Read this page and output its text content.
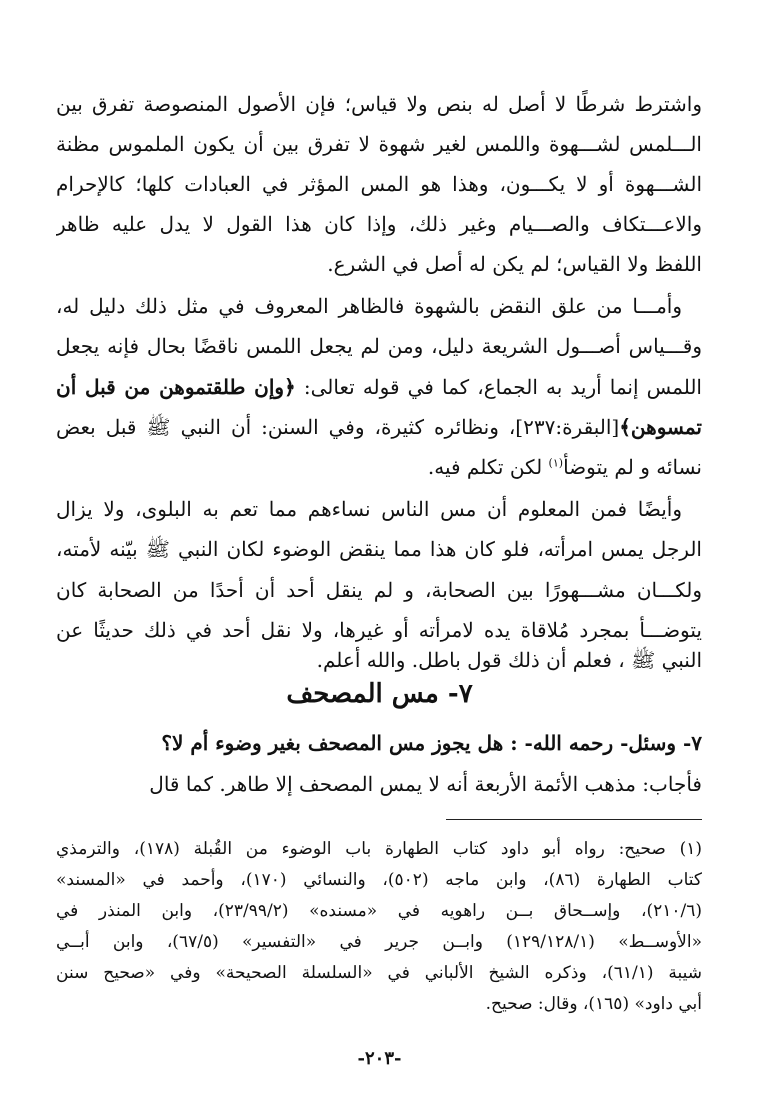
واشترط شرطًا لا أصل له بنص ولا قياس؛ فإن الأصول المنصوصة تفرق بين
الـــلمس لشـــهوة واللمس لغير شهوة لا تفرق بين أن يكون الملموس مظنة
الشـــهوة أو لا يكـــون، وهذا هو المس المؤثر في العبادات كلها؛ كالإحرام
والاعـــتكاف والصـــيام وغير ذلك، وإذا كان هذا القول لا يدل عليه ظاهر
اللفظ ولا القياس؛ لم يكن له أصل في الشرع.
وأمـــا من علق النقض بالشهوة فالظاهر المعروف في مثل ذلك دليل له،
وقـــياس أصـــول الشريعة دليل، ومن لم يجعل اللمس ناقضًا بحال فإنه يجعل
اللمس إنما أريد به الجماع، كما في قوله تعالى: ﴿وإن طلقتموهن من قبل أن
تمسوهن﴾[البقرة:٢٣٧]، ونظائره كثيرة، وفي السنن: أن النبي ﷺ قبل بعض
نسائه و لم يتوضأ$^{(١)}$ لكن تكلم فيه.
وأيضًا فمن المعلوم أن مس الناس نساءهم مما تعم به البلوى، ولا يزال
الرجل يمس امرأته، فلو كان هذا مما ينقض الوضوء لكان النبي ﷺ بيّنه لأمته،
ولكـــان مشـــهورًا بين الصحابة، و لم ينقل أحد أن أحدًا من الصحابة كان
يتوضـــأ بمجرد مُلاقاة يده لامرأته أو غيرها، ولا نقل أحد في ذلك حديثًا عن
النبي ﷺ ، فعلم أن ذلك قول باطل. والله أعلم.
٧- مس المصحف
٧- وسئل- رحمه الله- : هل يجوز مس المصحف بغير وضوء أم لا؟
فأجاب: مذهب الأئمة الأربعة أنه لا يمس المصحف إلا طاهر. كما قال
(١) صحيح: رواه أبو داود كتاب الطهارة باب الوضوء من القُبلة (١٧٨)، والترمذي
كتاب الطهارة (٨٦)، وابن ماجه (٥٠٢)، والنسائي (١٧٠)، وأحمد في «المسند»
(٢١٠/٦)، وإســحاق بــن راهويه في «مسنده» (٢٣/٩٩/٢)، وابن المنذر في
«الأوســط» (١٢٩/١٢٨/١) وابــن جرير في «التفسير» (٦٧/٥)، وابن أبــي
شيبة (٦١/١)، وذكره الشيخ الألباني في «السلسلة الصحيحة» وفي «صحيح سنن
أبي داود» (١٦٥)، وقال: صحيح.
-٢٠٣-
